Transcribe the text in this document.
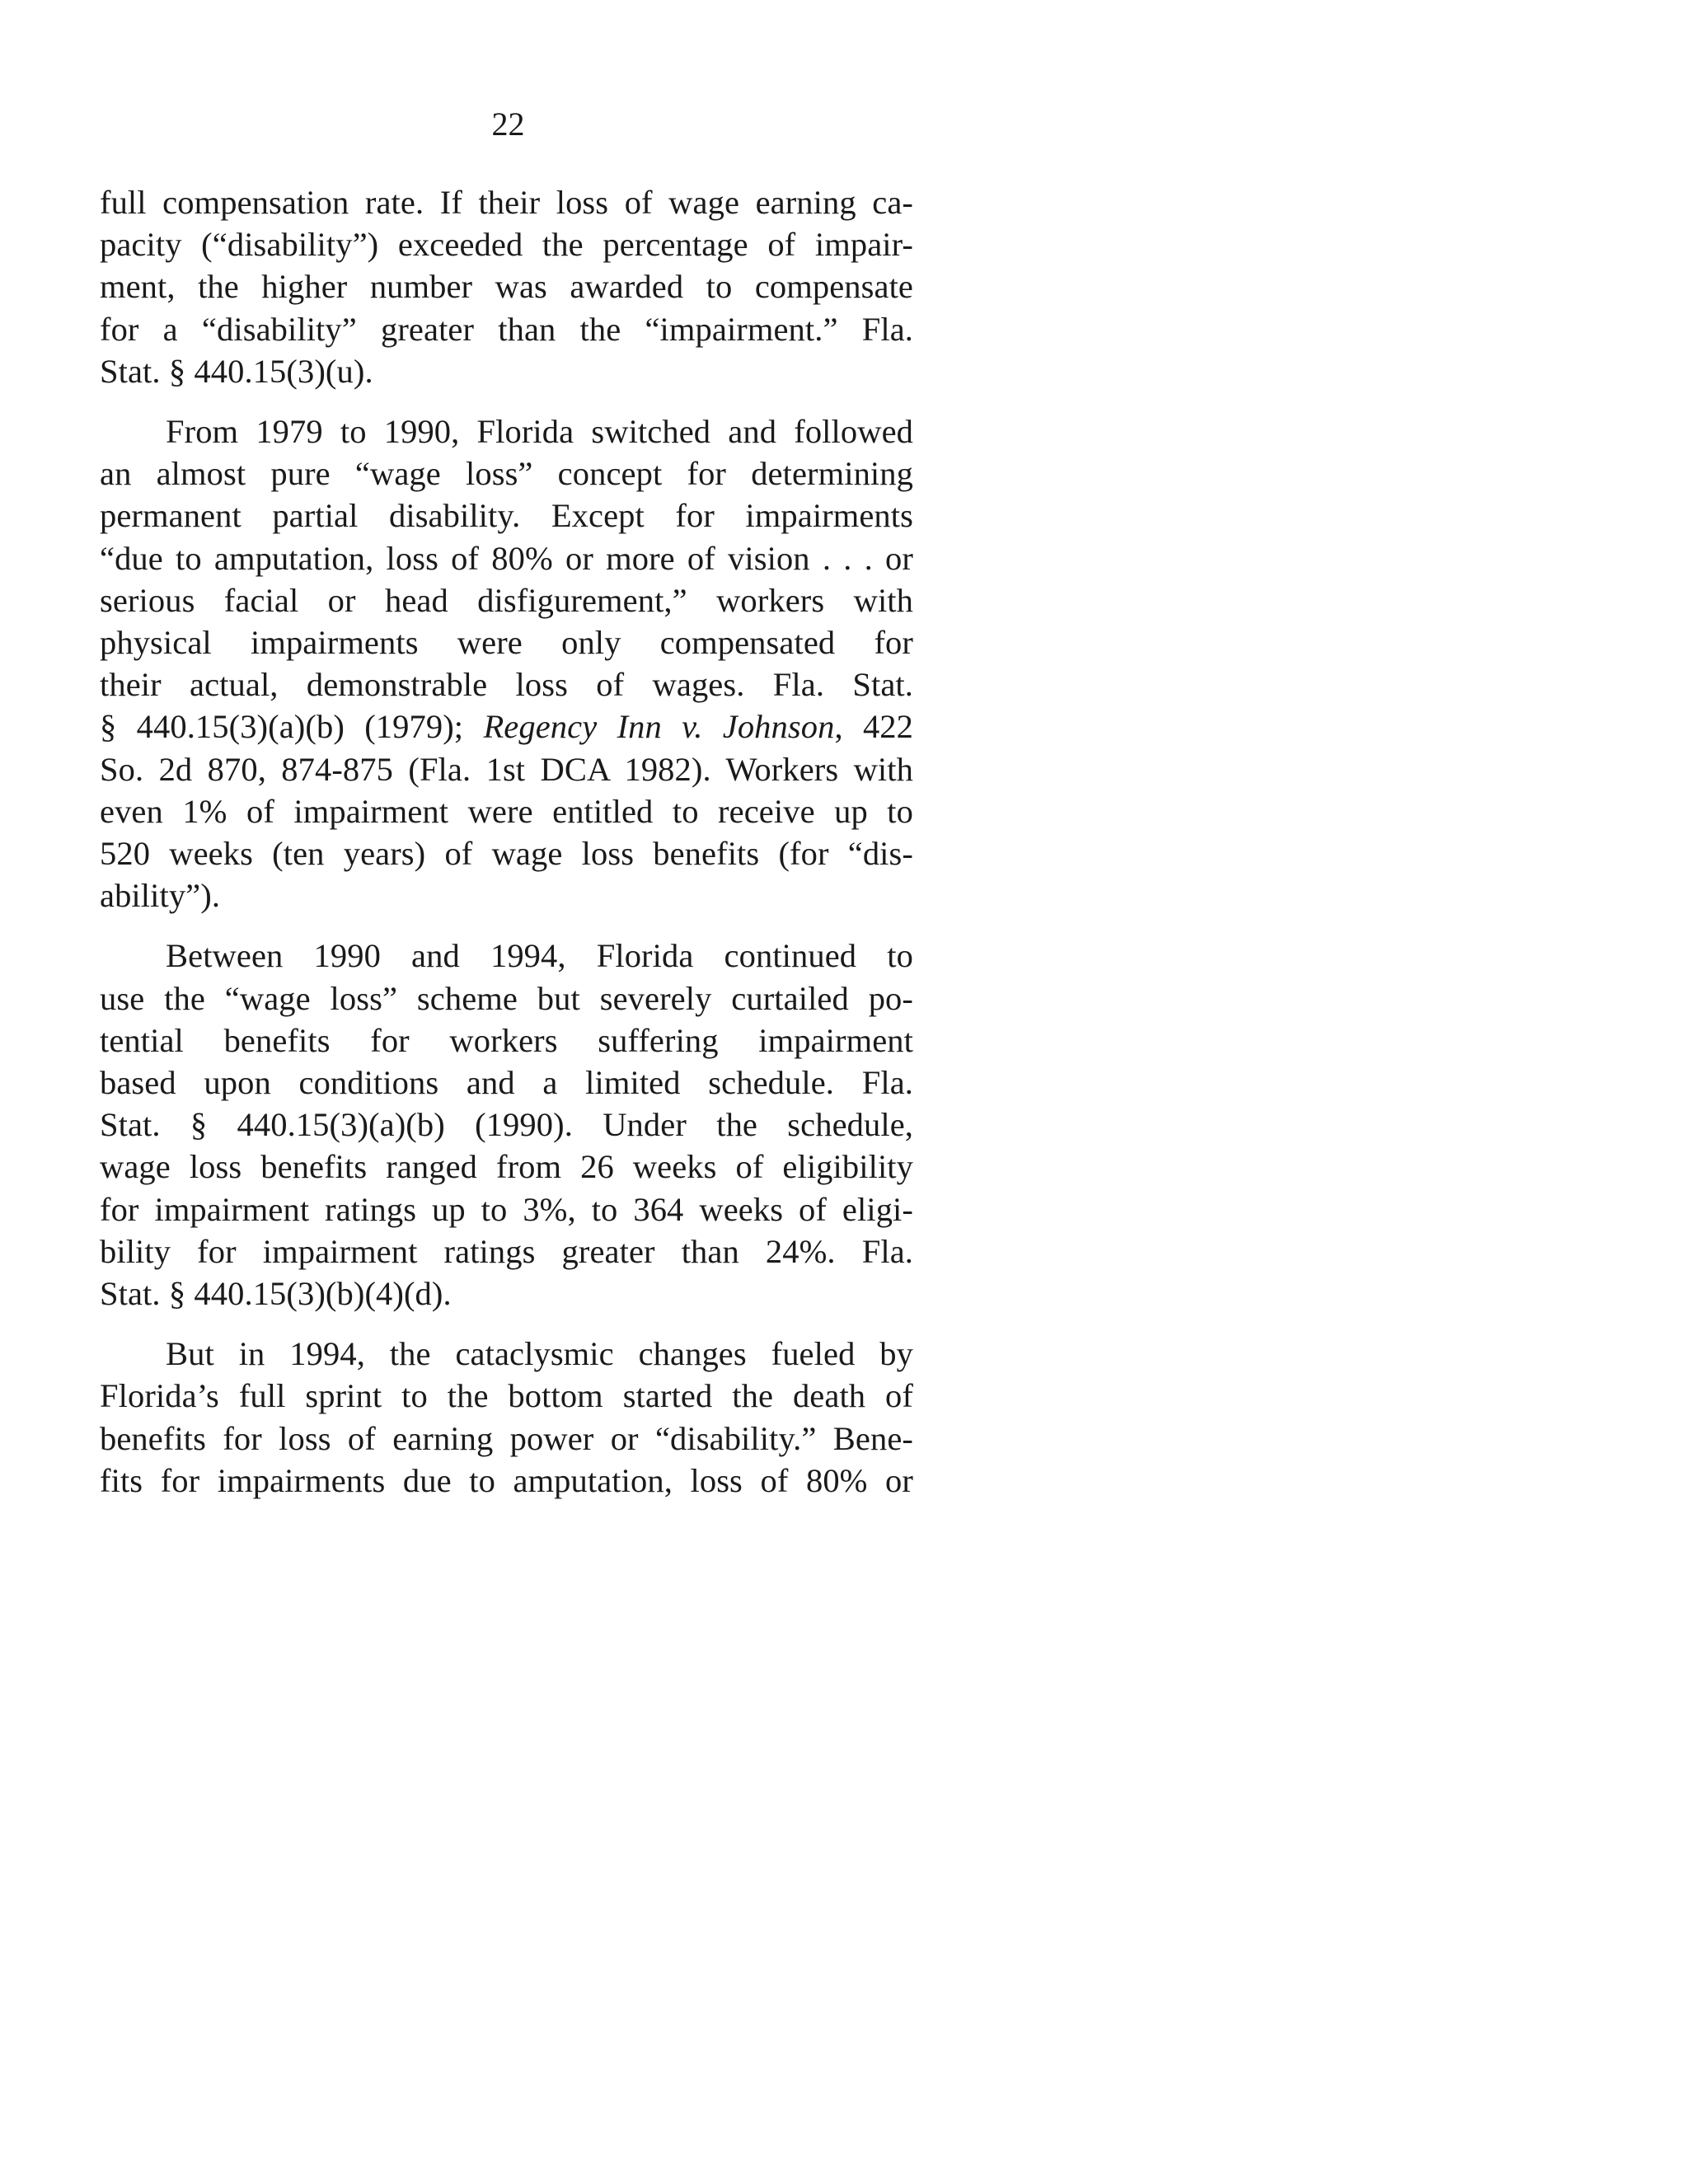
22
full compensation rate. If their loss of wage earning ca-
pacity (“disability”) exceeded the percentage of impair-
ment, the higher number was awarded to compensate
for a “disability” greater than the “impairment.” Fla.
Stat. § 440.15(3)(u).
From 1979 to 1990, Florida switched and followed
an almost pure “wage loss” concept for determining
permanent partial disability. Except for impairments
“due to amputation, loss of 80% or more of vision . . . or
serious facial or head disfigurement,” workers with
physical impairments were only compensated for
their actual, demonstrable loss of wages. Fla. Stat.
§ 440.15(3)(a)(b) (1979); Regency Inn v. Johnson, 422
So. 2d 870, 874-875 (Fla. 1st DCA 1982). Workers with
even 1% of impairment were entitled to receive up to
520 weeks (ten years) of wage loss benefits (for “dis-
ability”).
Between 1990 and 1994, Florida continued to
use the “wage loss” scheme but severely curtailed po-
tential benefits for workers suffering impairment
based upon conditions and a limited schedule. Fla.
Stat. § 440.15(3)(a)(b) (1990). Under the schedule,
wage loss benefits ranged from 26 weeks of eligibility
for impairment ratings up to 3%, to 364 weeks of eligi-
bility for impairment ratings greater than 24%. Fla.
Stat. § 440.15(3)(b)(4)(d).
But in 1994, the cataclysmic changes fueled by
Florida’s full sprint to the bottom started the death of
benefits for loss of earning power or “disability.” Bene-
fits for impairments due to amputation, loss of 80% or
